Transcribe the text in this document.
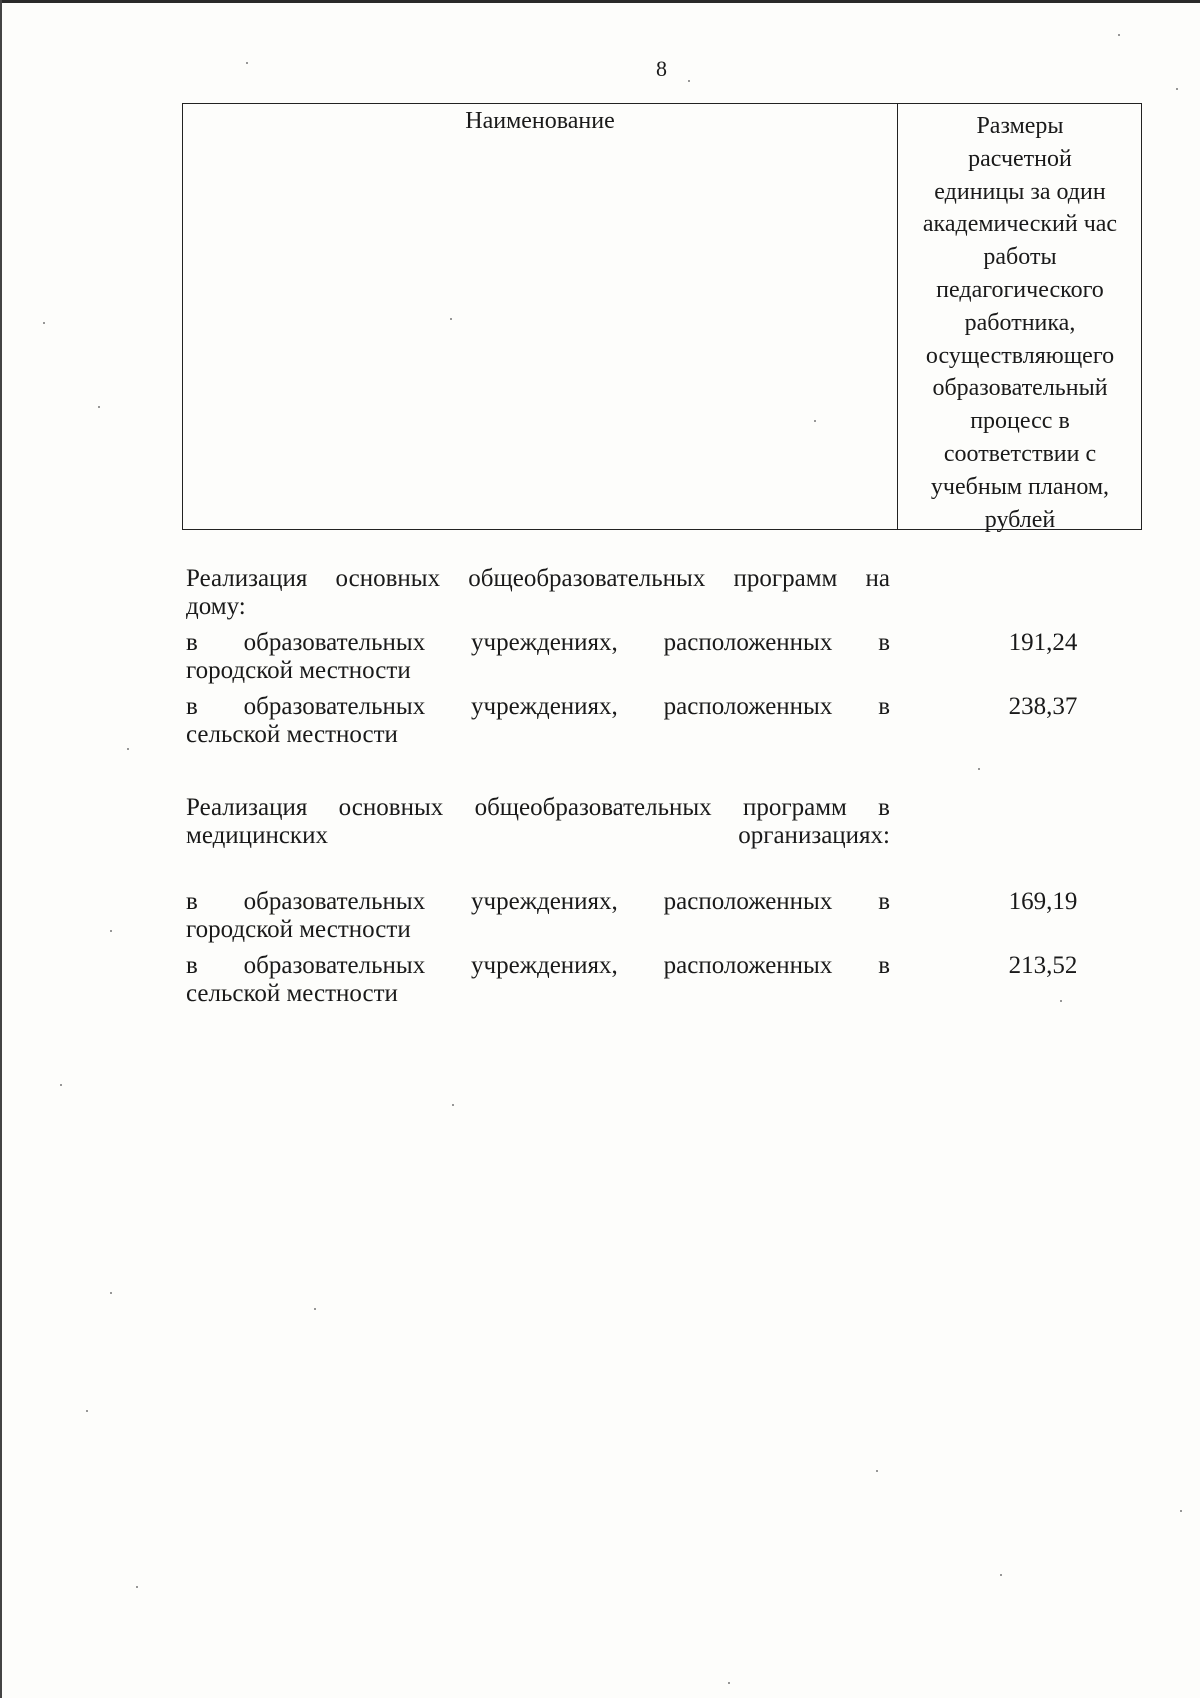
8
Наименование	Размеры
расчетной
единицы за один
академический час
работы
педагогического
работника,
осуществляющего
образовательный
процесс в
соответствии с
учебным планом,
рублей
Реализация основных общеобразовательных программ на
дому:
в образовательных учреждениях, расположенных в
городской местности
191,24
в образовательных учреждениях, расположенных в
сельской местности
238,37
Реализация основных общеобразовательных программ в
медицинских организациях:
в образовательных учреждениях, расположенных в
городской местности
169,19
в образовательных учреждениях, расположенных в
сельской местности
213,52
